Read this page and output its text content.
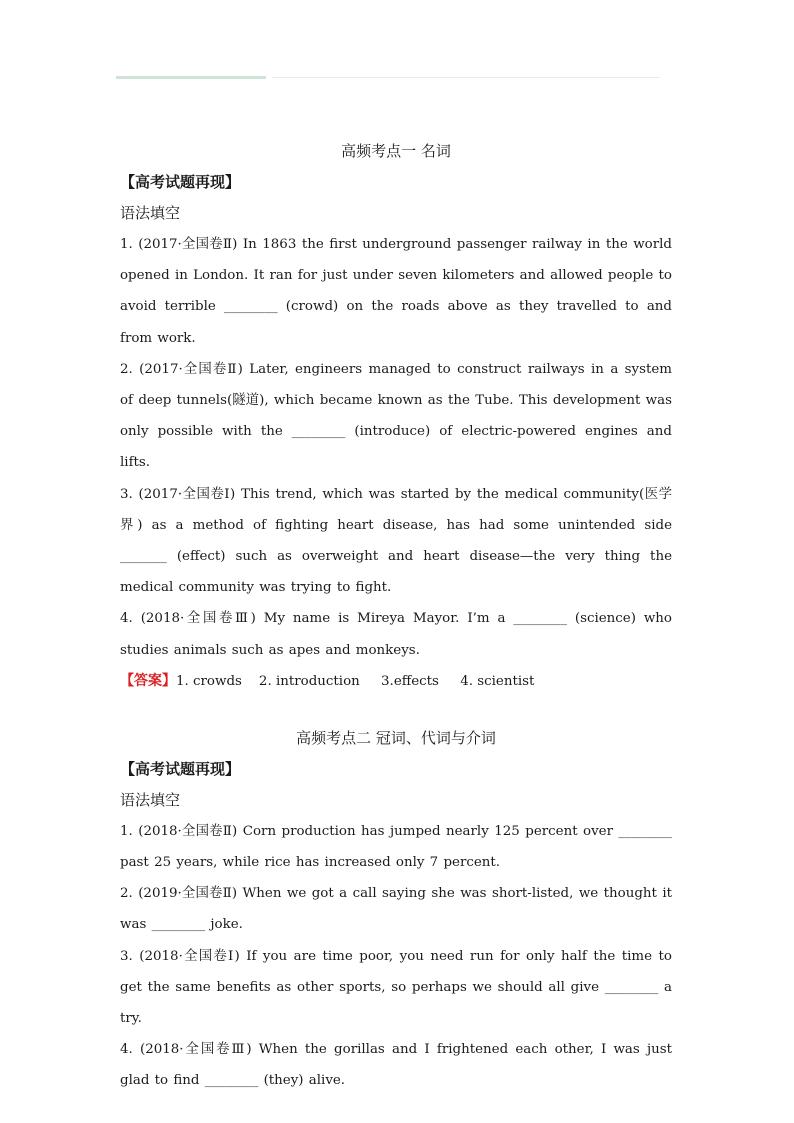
高频考点一 名词
【高考试题再现】
语法填空
1. (2017·全国卷Ⅱ) In 1863 the first underground passenger railway in the world opened in London. It ran for just under seven kilometers and allowed people to avoid terrible ________ (crowd) on the roads above as they travelled to and from work.
2. (2017·全国卷Ⅱ) Later, engineers managed to construct railways in a system of deep tunnels(隧道), which became known as the Tube. This development was only possible with the ________ (introduce) of electric-powered engines and lifts.
3. (2017·全国卷Ⅰ) This trend, which was started by the medical community(医学界) as a method of fighting heart disease, has had some unintended side _______ (effect) such as overweight and heart disease—the very thing the medical community was trying to fight.
4. (2018·全国卷Ⅲ) My name is Mireya Mayor. I’m a ________ (science) who studies animals such as apes and monkeys.
【答案】1. crowds    2. introduction     3.effects     4. scientist
高频考点二 冠词、代词与介词
【高考试题再现】
语法填空
1. (2018·全国卷Ⅱ) Corn production has jumped nearly 125 percent over ________ past 25 years, while rice has increased only 7 percent.
2. (2019·全国卷Ⅱ) When we got a call saying she was short-listed, we thought it was ________ joke.
3. (2018·全国卷Ⅰ) If you are time poor, you need run for only half the time to get the same benefits as other sports, so perhaps we should all give ________ a try.
4. (2018·全国卷Ⅲ) When the gorillas and I frightened each other, I was just glad to find ________ (they) alive.
